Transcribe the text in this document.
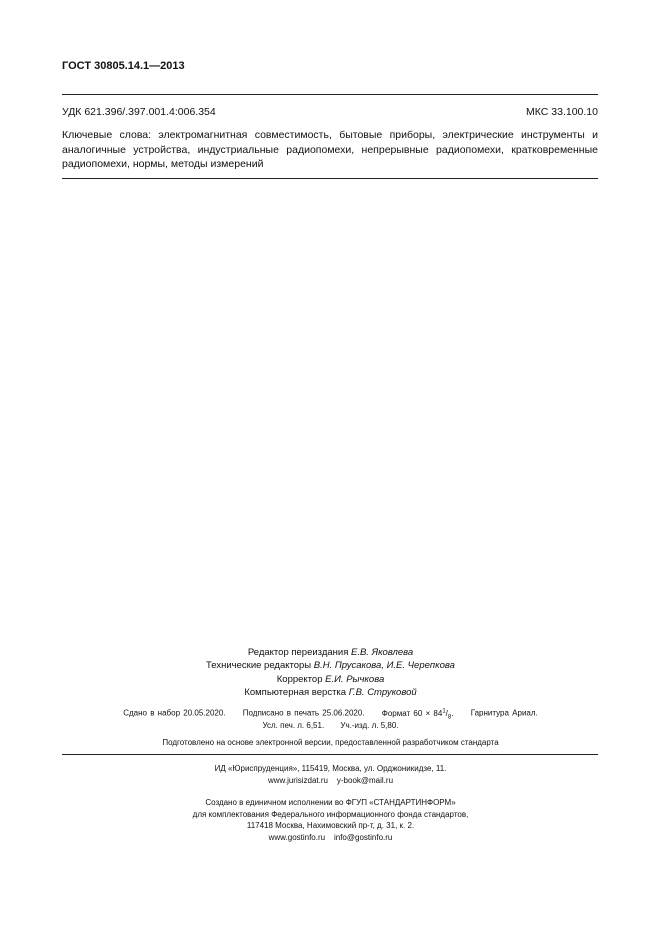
ГОСТ 30805.14.1—2013
УДК 621.396/.397.001.4:006.354	МКС 33.100.10
Ключевые слова: электромагнитная совместимость, бытовые приборы, электрические инструменты и аналогичные устройства, индустриальные радиопомехи, непрерывные радиопомехи, кратковременные радиопомехи, нормы, методы измерений
Редактор переиздания Е.В. Яковлева
Технические редакторы В.Н. Прусакова, И.Е. Черепкова
Корректор Е.И. Рычкова
Компьютерная верстка Г.В. Струковой
Сдано в набор 20.05.2020. Подписано в печать 25.06.2020. Формат $60 \times 84^1/_8$. Гарнитура Ариал.
Усл. печ. л. 6,51. Уч.-изд. л. 5,80.
Подготовлено на основе электронной версии, предоставленной разработчиком стандарта
ИД «Юриспруденция», 115419, Москва, ул. Орджоникидзе, 11.
www.jurisizdat.ru y-book@mail.ru
Создано в единичном исполнении во ФГУП «СТАНДАРТИНФОРМ»
для комплектования Федерального информационного фонда стандартов,
117418 Москва, Нахимовский пр-т, д. 31, к. 2.
www.gostinfo.ru info@gostinfo.ru
